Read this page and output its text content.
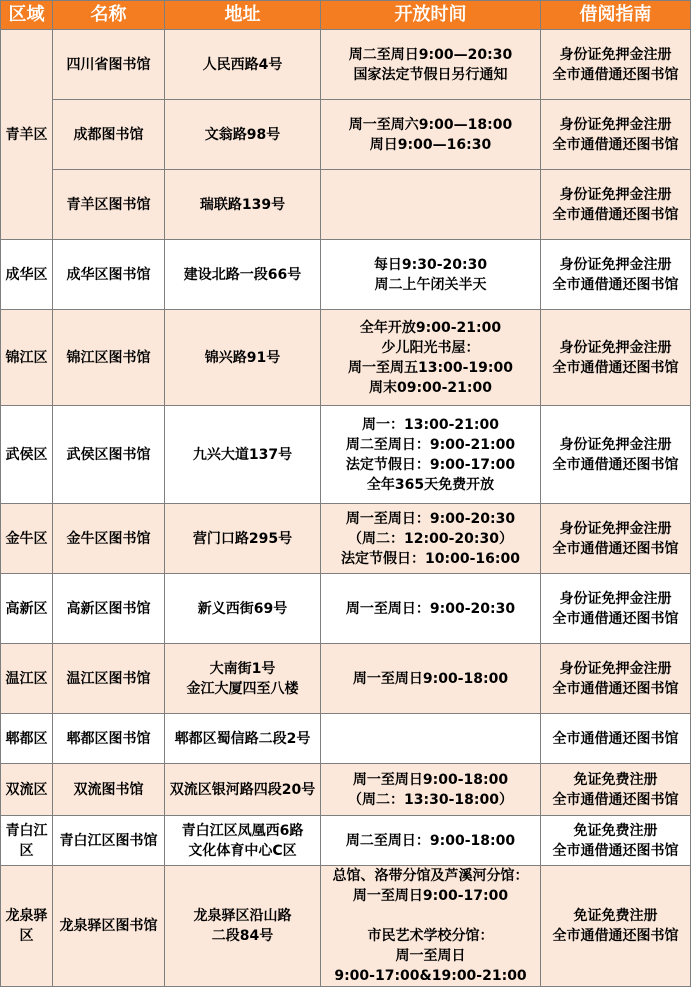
区域	名称	地址	开放时间	借阅指南
青羊区	四川省图书馆	人民西路4号	周二至周日9:00—20:30
国家法定节假日另行通知	身份证免押金注册
全市通借通还图书馆

	成都图书馆	文翁路98号	周一至周六9:00—18:00
周日9:00—16:30	身份证免押金注册
全市通借通还图书馆

	青羊区图书馆	瑞联路139号		身份证免押金注册
全市通借通还图书馆

成华区	成华区图书馆	建设北路一段66号	每日9:30-20:30
周二上午闭关半天	身份证免押金注册
全市通借通还图书馆

锦江区	锦江区图书馆	锦兴路91号	全年开放9:00-21:00
少儿阳光书屋：
周一至周五13:00-19:00
周末09:00-21:00	身份证免押金注册
全市通借通还图书馆

武侯区	武侯区图书馆	九兴大道137号	周一：13:00-21:00
周二至周日：9:00-21:00
法定节假日：9:00-17:00
全年365天免费开放	身份证免押金注册
全市通借通还图书馆

金牛区	金牛区图书馆	营门口路295号	周一至周日：9:00-20:30
（周二：12:00-20:30）
法定节假日：10:00-16:00	身份证免押金注册
全市通借通还图书馆

高新区	高新区图书馆	新义西街69号	周一至周日：9:00-20:30	身份证免押金注册
全市通借通还图书馆

温江区	温江区图书馆	大南街1号
金江大厦四至八楼	周一至周日9:00-18:00	身份证免押金注册
全市通借通还图书馆

郫都区	郫都区图书馆	郫都区蜀信路二段2号		全市通借通还图书馆

双流区	双流图书馆	双流区银河路四段20号	周一至周日9:00-18:00
（周二：13:30-18:00）	免证免费注册
全市通借通还图书馆

青白江区	青白江区图书馆	青白江区凤凰西6路
文化体育中心C区	周二至周日：9:00-18:00	免证免费注册
全市通借通还图书馆

龙泉驿区	龙泉驿区图书馆	龙泉驿区沿山路
二段84号	总馆、洛带分馆及芦溪河分馆：
周一至周日9:00-17:00
市民艺术学校分馆：
周一至周日
9:00-17:00&19:00-21:00	免证免费注册
全市通借通还图书馆
